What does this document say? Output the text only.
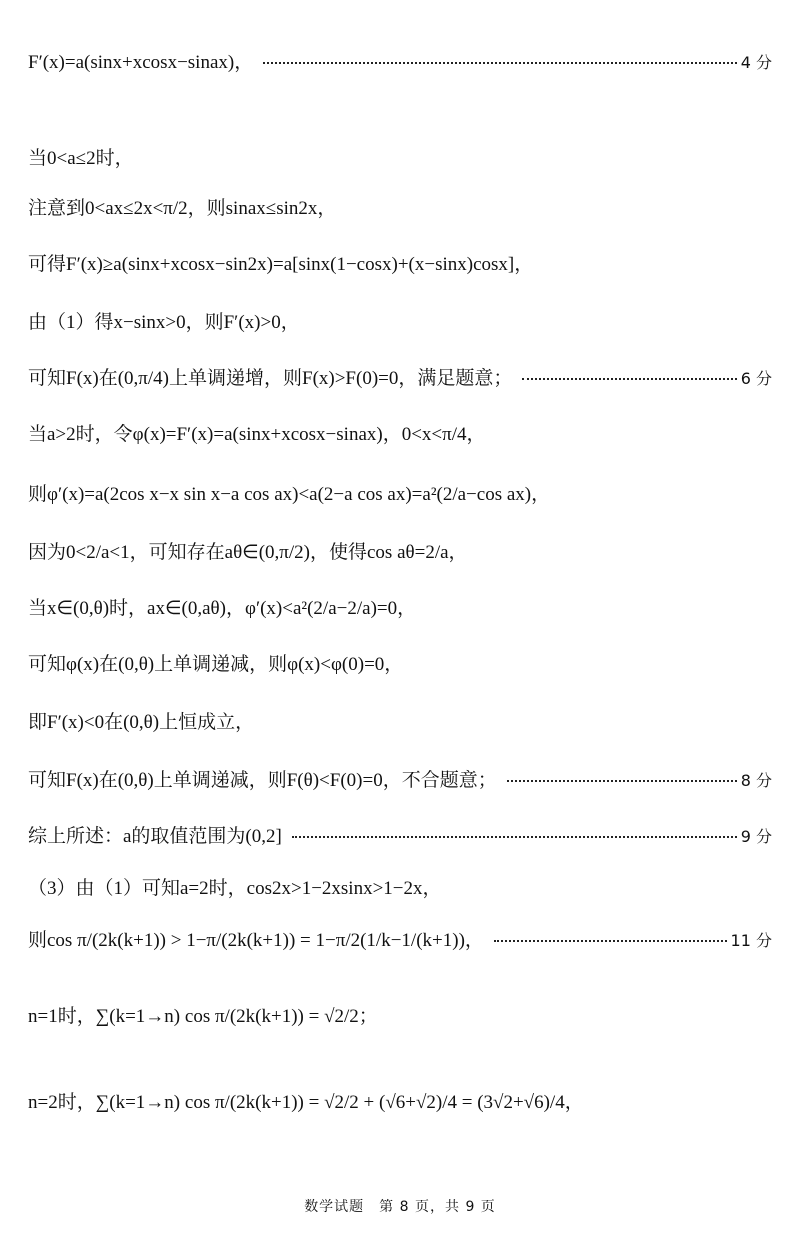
F′(x)=a(sinx+xcosx−sinax)，	4 分
当0<a≤2时，
注意到0<ax≤2x<π/2，则sinax≤sin2x，
可得F′(x)≥a(sinx+xcosx−sin2x)=a[sinx(1−cosx)+(x−sinx)cosx]，
由（1）得x−sinx>0，则F′(x)>0，
可知F(x)在(0,π/4)上单调递增，则F(x)>F(0)=0，满足题意；	6 分
当a>2时，令φ(x)=F′(x)=a(sinx+xcosx−sinax)，0<x<π/4，
则φ′(x)=a(2cos x−x sin x−a cos ax)<a(2−a cos ax)=a²(2/a−cos ax)，
因为0<2/a<1，可知存在aθ∈(0,π/2)，使得cos aθ=2/a，
当x∈(0,θ)时，ax∈(0,aθ)，φ′(x)<a²(2/a−2/a)=0，
可知φ(x)在(0,θ)上单调递减，则φ(x)<φ(0)=0，
即F′(x)<0在(0,θ)上恒成立，
可知F(x)在(0,θ)上单调递减，则F(θ)<F(0)=0，不合题意；	8 分
综上所述：a的取值范围为(0,2]	9 分
（3）由（1）可知a=2时，cos2x>1−2xsinx>1−2x，
则cos π/(2k(k+1)) > 1−π/(2k(k+1)) = 1−π/2(1/k−1/(k+1))，	11 分
n=1时，∑(k=1→n) cos π/(2k(k+1)) = √2/2；
n=2时，∑(k=1→n) cos π/(2k(k+1)) = √2/2 + (√6+√2)/4 = (3√2+√6)/4，
数学试题　第 8 页，共 9 页
